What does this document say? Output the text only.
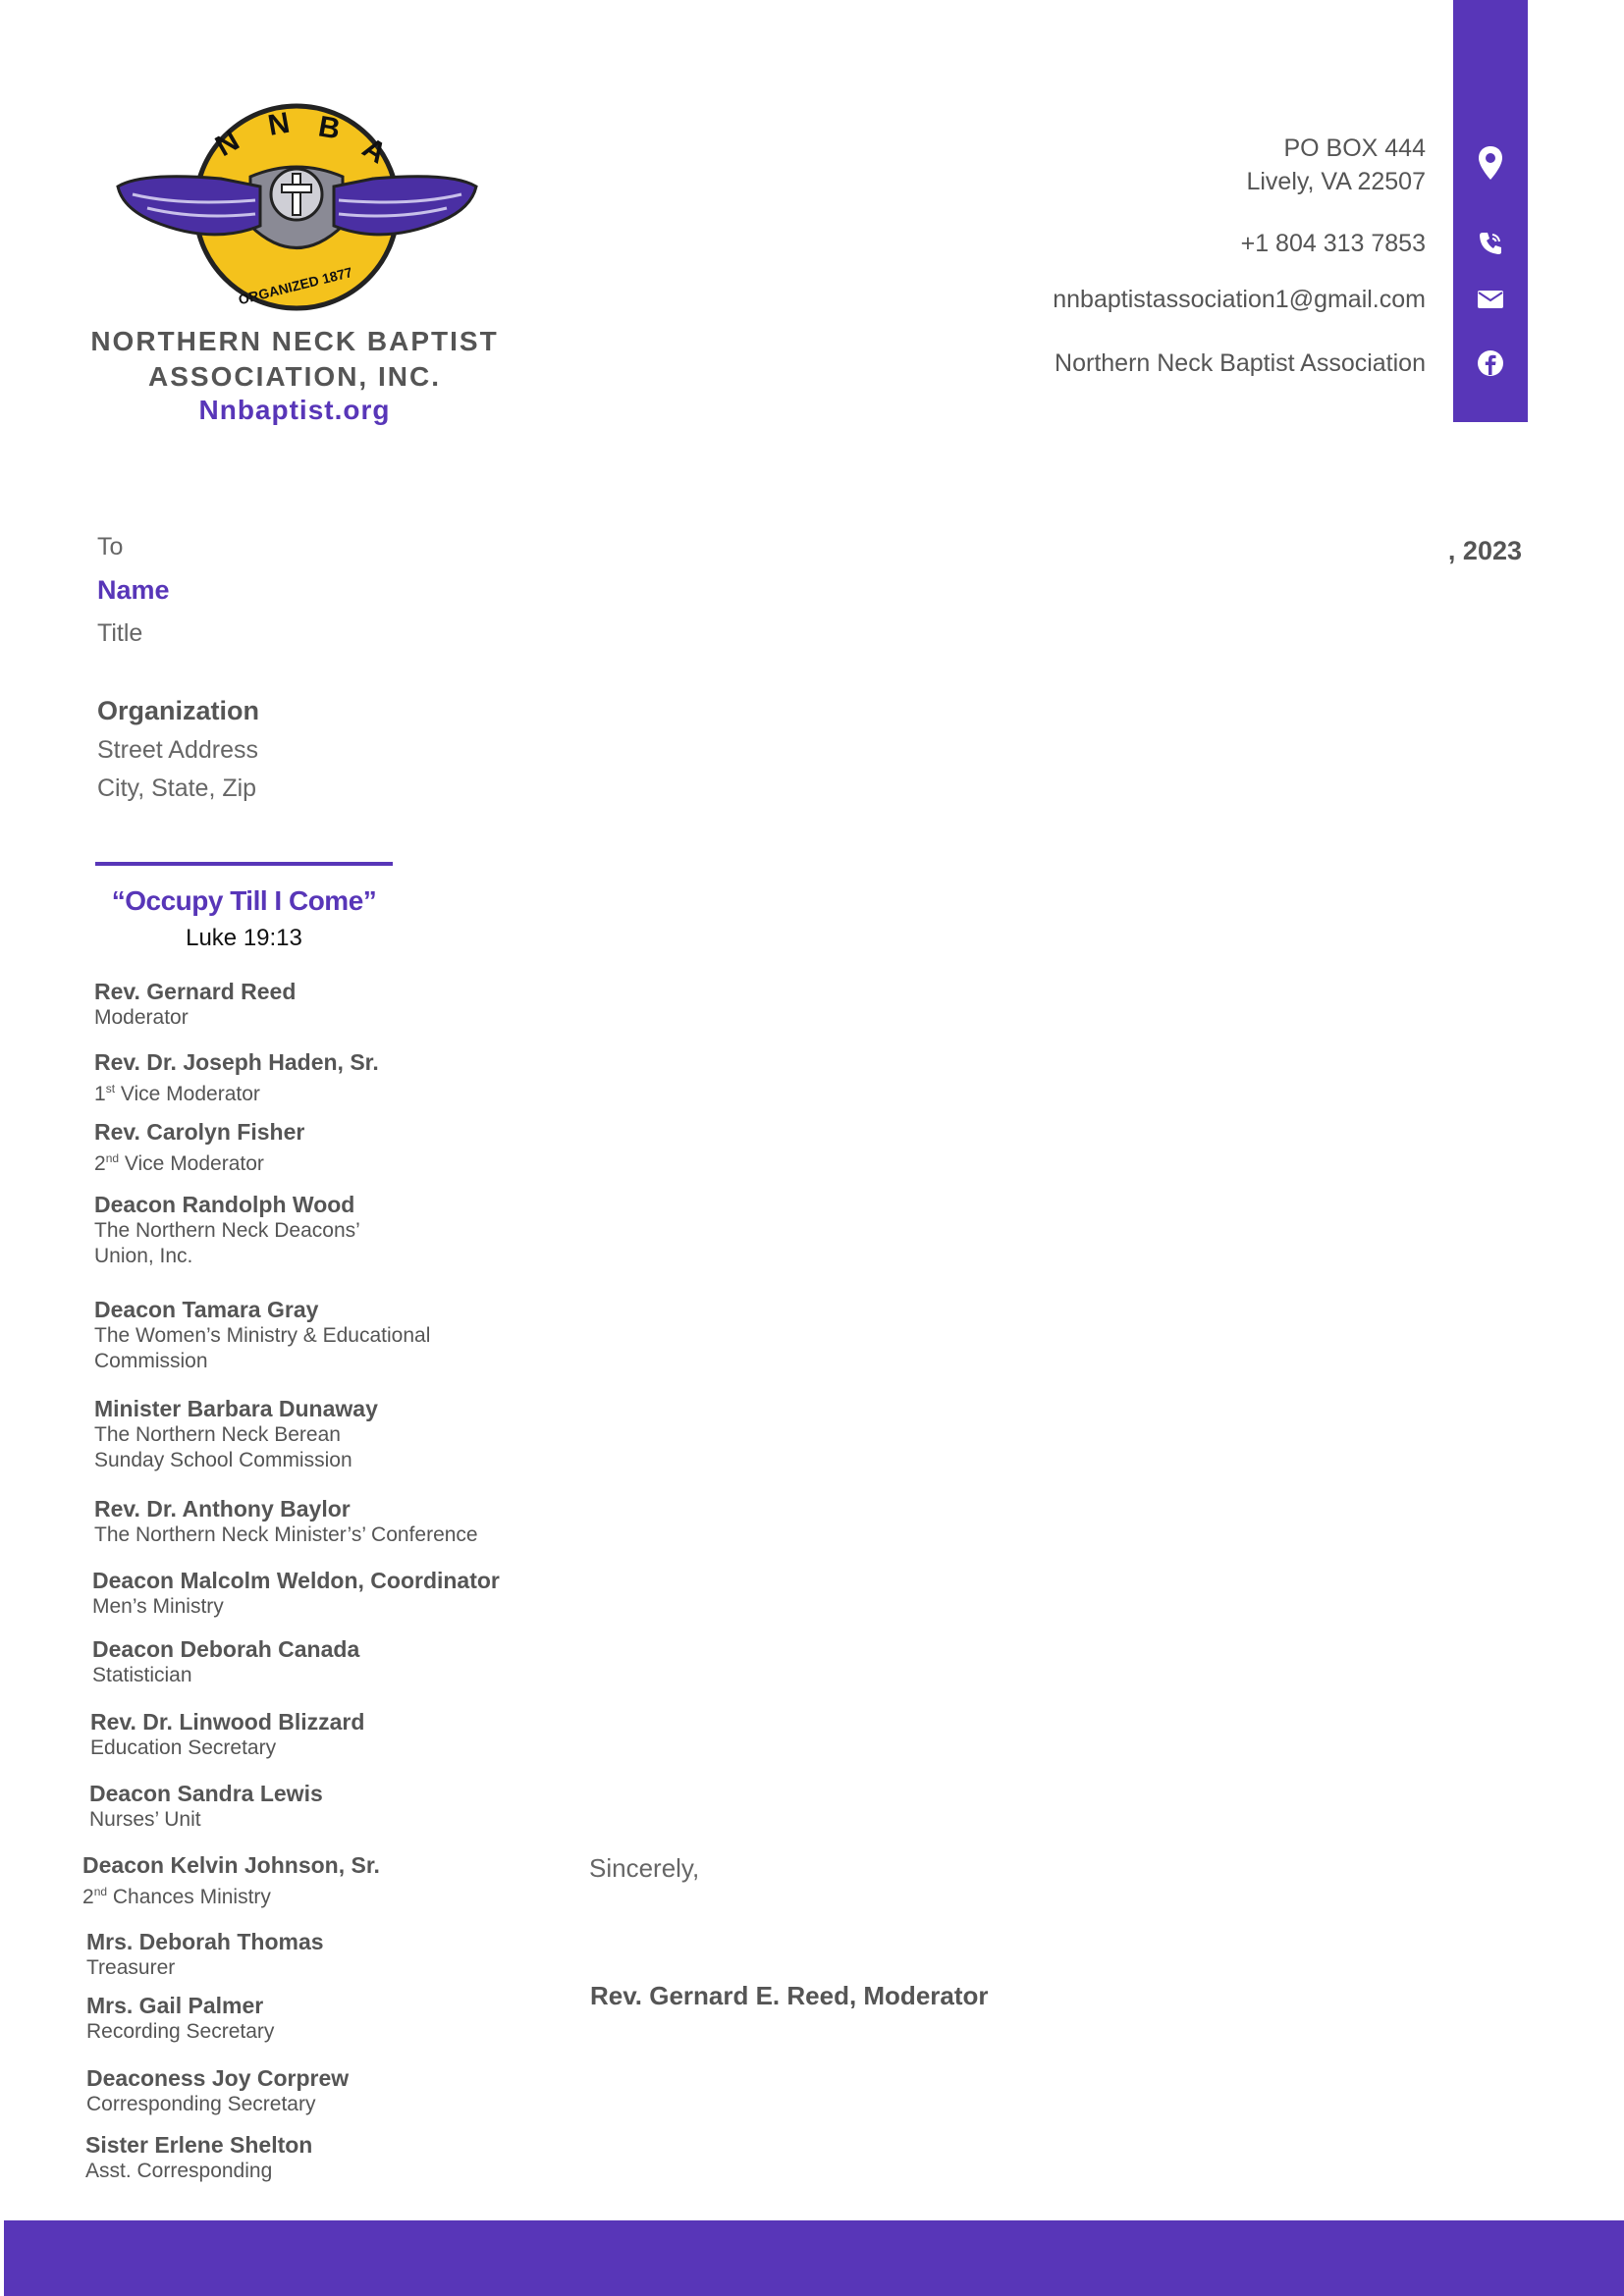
N N B
A
ORGANIZED 1877
NORTHERN NECK BAPTIST
ASSOCIATION, INC.
Nnbaptist.org
PO BOX 444
Lively, VA 22507
+1 804 313 7853
nnbaptistassociation1@gmail.com
Northern Neck Baptist Association
To
Name
Title
Organization
Street Address
City, State, Zip
, 2023
“Occupy Till I Come”
Luke 19:13
Rev. Gernard Reed
Moderator
Rev. Dr. Joseph Haden, Sr.
1st Vice Moderator
Rev. Carolyn Fisher
2nd Vice Moderator
Deacon Randolph Wood
The Northern Neck Deacons’
Union, Inc.
Deacon Tamara Gray
The Women’s Ministry & Educational
Commission
Minister Barbara Dunaway
The Northern Neck Berean
Sunday School Commission
Rev. Dr. Anthony Baylor
The Northern Neck Minister’s’ Conference
Deacon Malcolm Weldon, Coordinator
Men’s Ministry
Deacon Deborah Canada
Statistician
Rev. Dr. Linwood Blizzard
Education Secretary
Deacon Sandra Lewis
Nurses’ Unit
Deacon Kelvin Johnson, Sr.
2nd Chances Ministry
Mrs. Deborah Thomas
Treasurer
Mrs. Gail Palmer
Recording Secretary
Deaconess Joy Corprew
Corresponding Secretary
Sister Erlene Shelton
Asst. Corresponding
Sincerely,
Rev. Gernard E. Reed, Moderator
